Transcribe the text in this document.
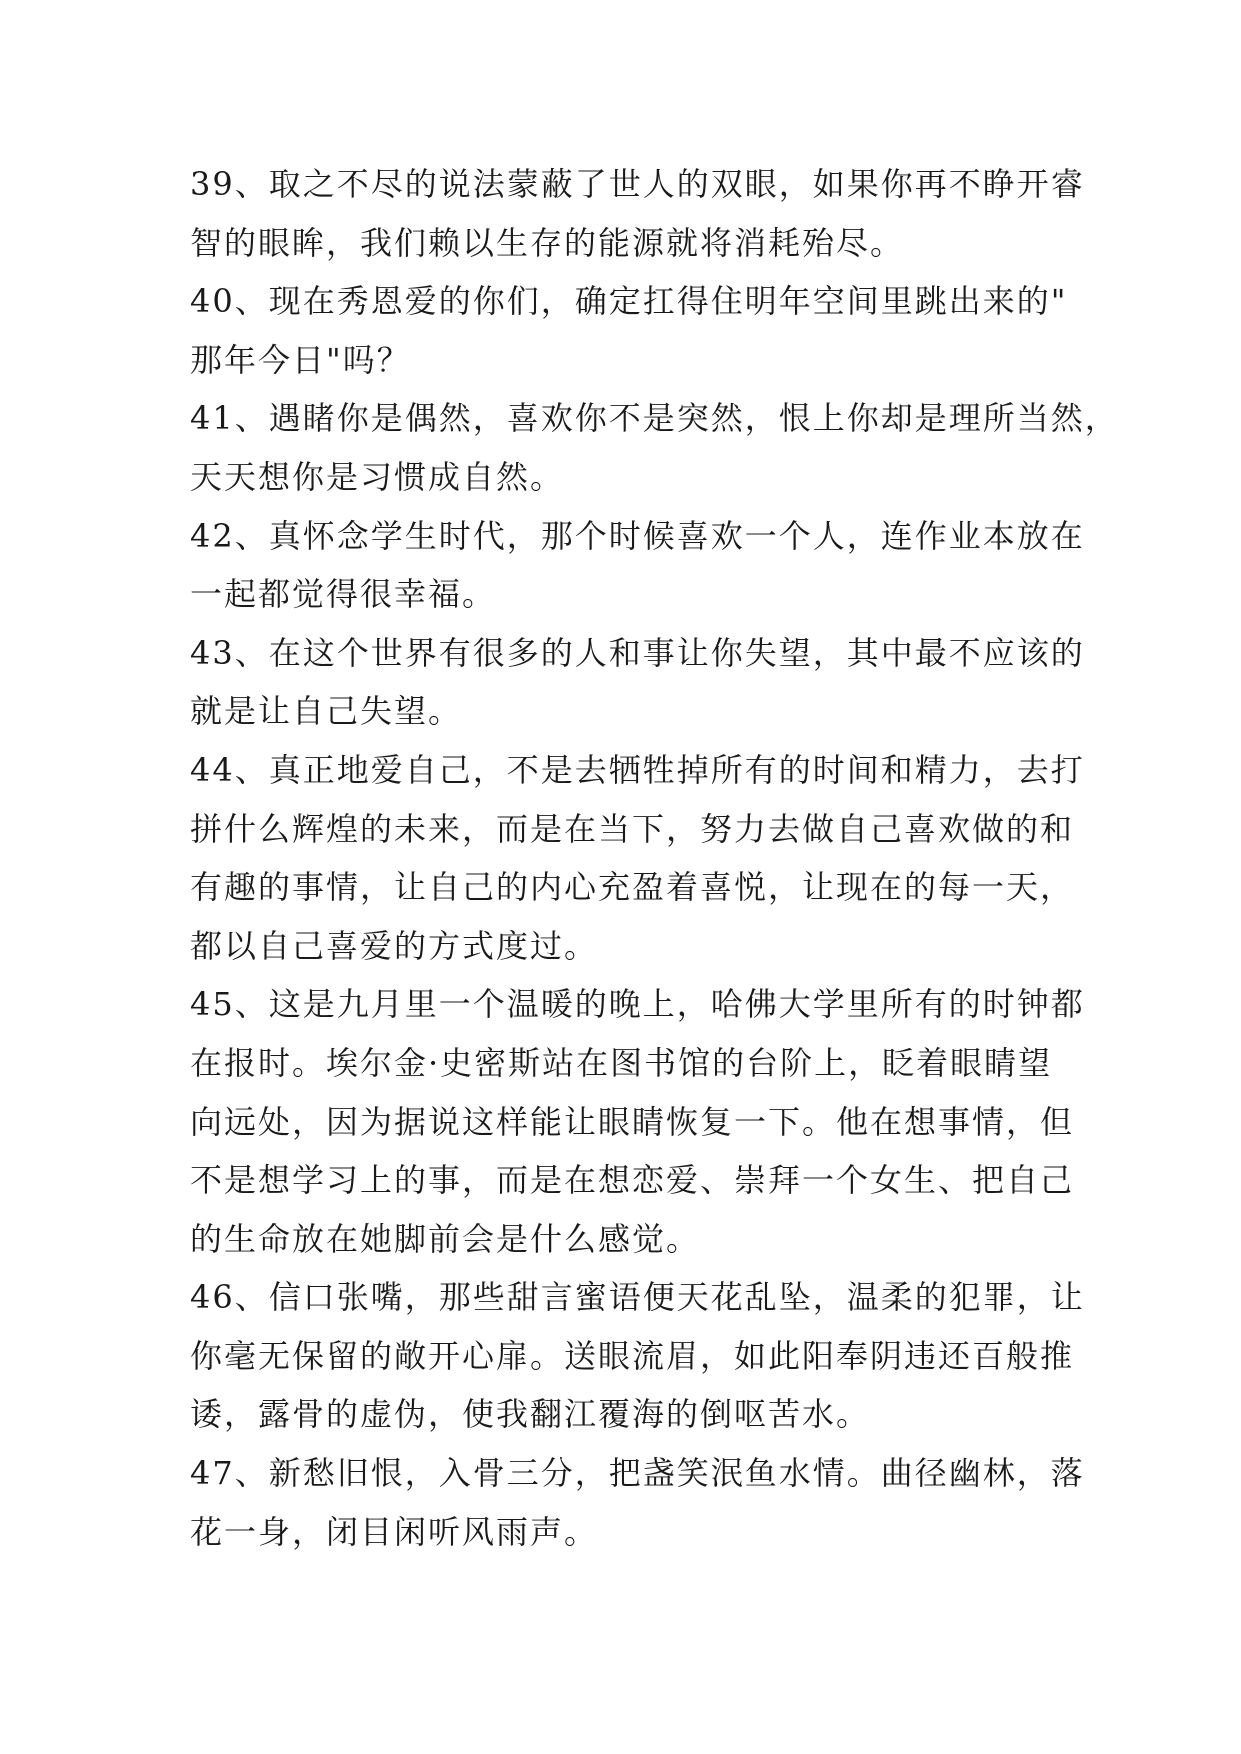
39、取之不尽的说法蒙蔽了世人的双眼，如果你再不睁开睿
智的眼眸，我们赖以生存的能源就将消耗殆尽。
40、现在秀恩爱的你们，确定扛得住明年空间里跳出来的"
那年今日"吗？
41、遇睹你是偶然，喜欢你不是突然，恨上你却是理所当然，
天天想你是习惯成自然。
42、真怀念学生时代，那个时候喜欢一个人，连作业本放在
一起都觉得很幸福。
43、在这个世界有很多的人和事让你失望，其中最不应该的
就是让自己失望。
44、真正地爱自己，不是去牺牲掉所有的时间和精力，去打
拼什么辉煌的未来，而是在当下，努力去做自己喜欢做的和
有趣的事情，让自己的内心充盈着喜悦，让现在的每一天，
都以自己喜爱的方式度过。
45、这是九月里一个温暖的晚上，哈佛大学里所有的时钟都
在报时。埃尔金·史密斯站在图书馆的台阶上，眨着眼睛望
向远处，因为据说这样能让眼睛恢复一下。他在想事情，但
不是想学习上的事，而是在想恋爱、崇拜一个女生、把自己
的生命放在她脚前会是什么感觉。
46、信口张嘴，那些甜言蜜语便天花乱坠，温柔的犯罪，让
你毫无保留的敞开心扉。送眼流眉，如此阳奉阴违还百般推
诿，露骨的虚伪，使我翻江覆海的倒呕苦水。
47、新愁旧恨，入骨三分，把盏笑泯鱼水情。曲径幽林，落
花一身，闭目闲听风雨声。
